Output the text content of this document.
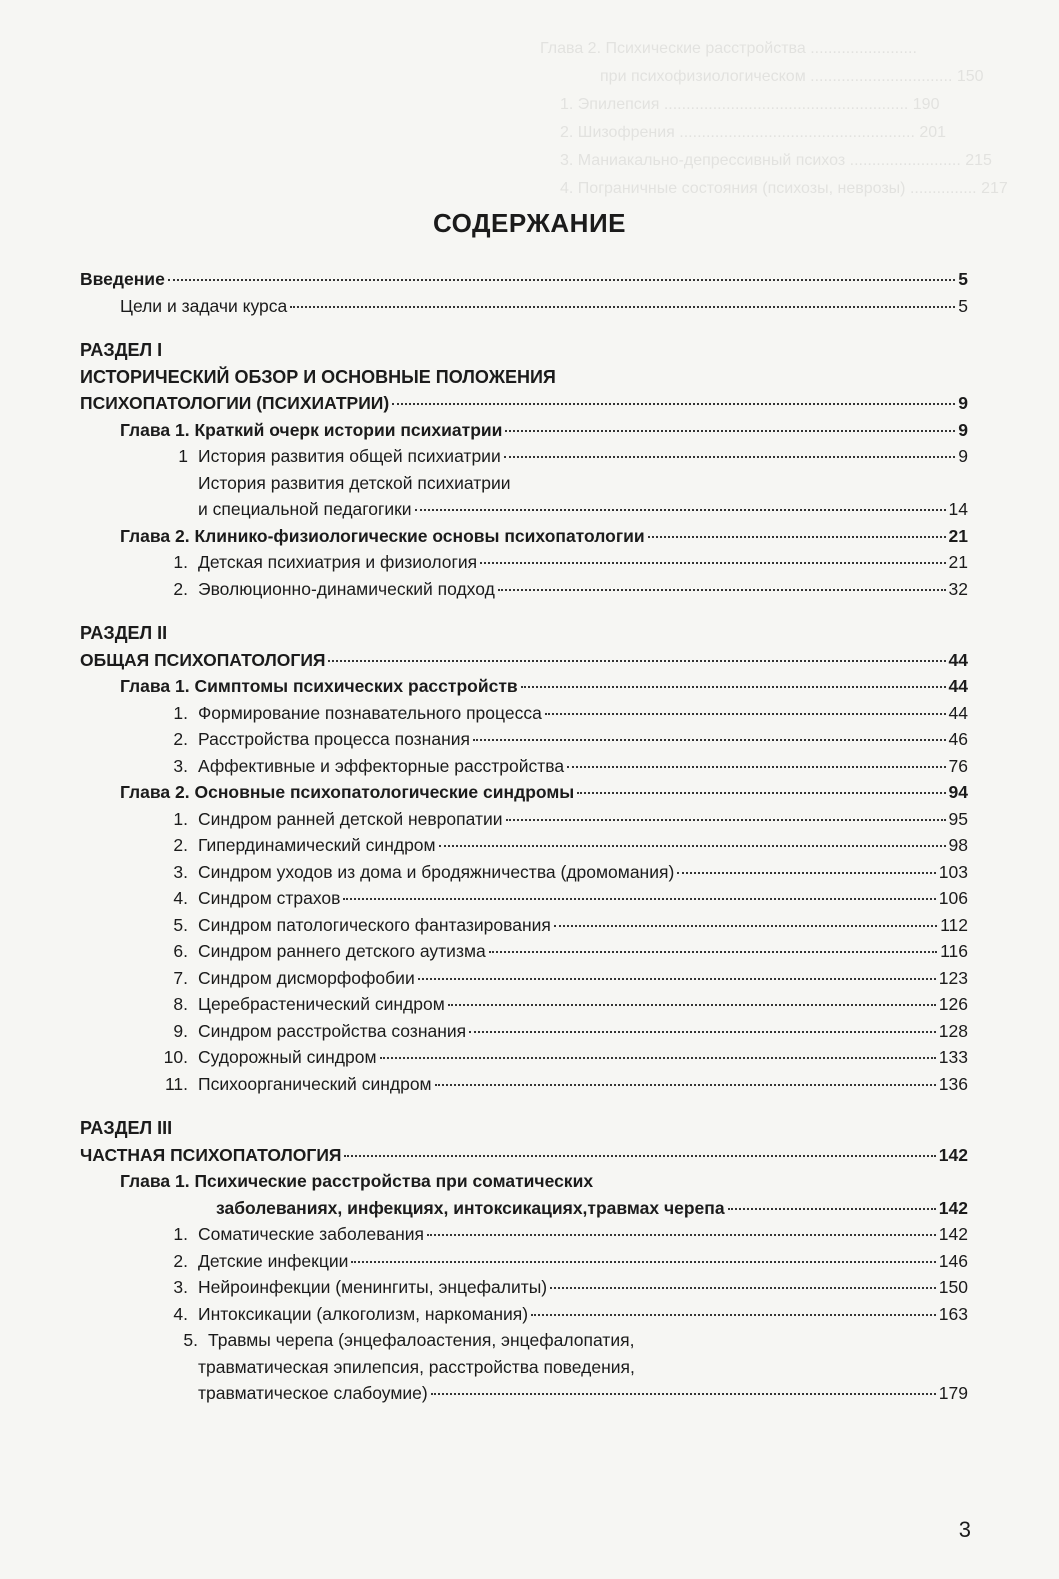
Глава 2. Психические расстройства ........................
при психофизиологическом ................................ 150
1. Эпилепсия ....................................................... 190
2. Шизофрения ..................................................... 201
3. Маниакально-депрессивный психоз ......................... 215
4. Пограничные состояния (психозы, неврозы) ............... 217
СОДЕРЖАНИЕ
Введение	5
Цели и задачи курса	5
РАЗДЕЛ I
ИСТОРИЧЕСКИЙ ОБЗОР И ОСНОВНЫЕ ПОЛОЖЕНИЯ
ПСИХОПАТОЛОГИИ (ПСИХИАТРИИ)	9
Глава 1. Краткий очерк истории психиатрии	9
1 История развития общей психиатрии	9
История развития детской психиатрии
и специальной педагогики	14
Глава 2. Клинико-физиологические основы психопатологии	21
1. Детская психиатрия и физиология	21
2. Эволюционно-динамический подход	32
РАЗДЕЛ II
ОБЩАЯ ПСИХОПАТОЛОГИЯ	44
Глава 1. Симптомы психических расстройств	44
1. Формирование познавательного процесса	44
2. Расстройства процесса познания	46
3. Аффективные и эффекторные расстройства	76
Глава 2. Основные психопатологические синдромы	94
1. Синдром ранней детской невропатии	95
2. Гипердинамический синдром	98
3. Синдром уходов из дома и бродяжничества (дромомания)	103
4. Синдром страхов	106
5. Синдром патологического фантазирования	112
6. Синдром раннего детского аутизма	116
7. Синдром дисморфофобии	123
8. Церебрастенический синдром	126
9. Синдром расстройства сознания	128
10. Судорожный синдром	133
11. Психоорганический синдром	136
РАЗДЕЛ III
ЧАСТНАЯ ПСИХОПАТОЛОГИЯ	142
Глава 1. Психические расстройства при соматических
заболеваниях, инфекциях, интоксикациях,травмах черепа	142
1. Соматические заболевания	142
2. Детские инфекции	146
3. Нейроинфекции (менингиты, энцефалиты)	150
4. Интоксикации (алкоголизм, наркомания)	163
5. Травмы черепа (энцефалоастения, энцефалопатия,
травматическая эпилепсия, расстройства поведения,
травматическое слабоумие)	179
3
